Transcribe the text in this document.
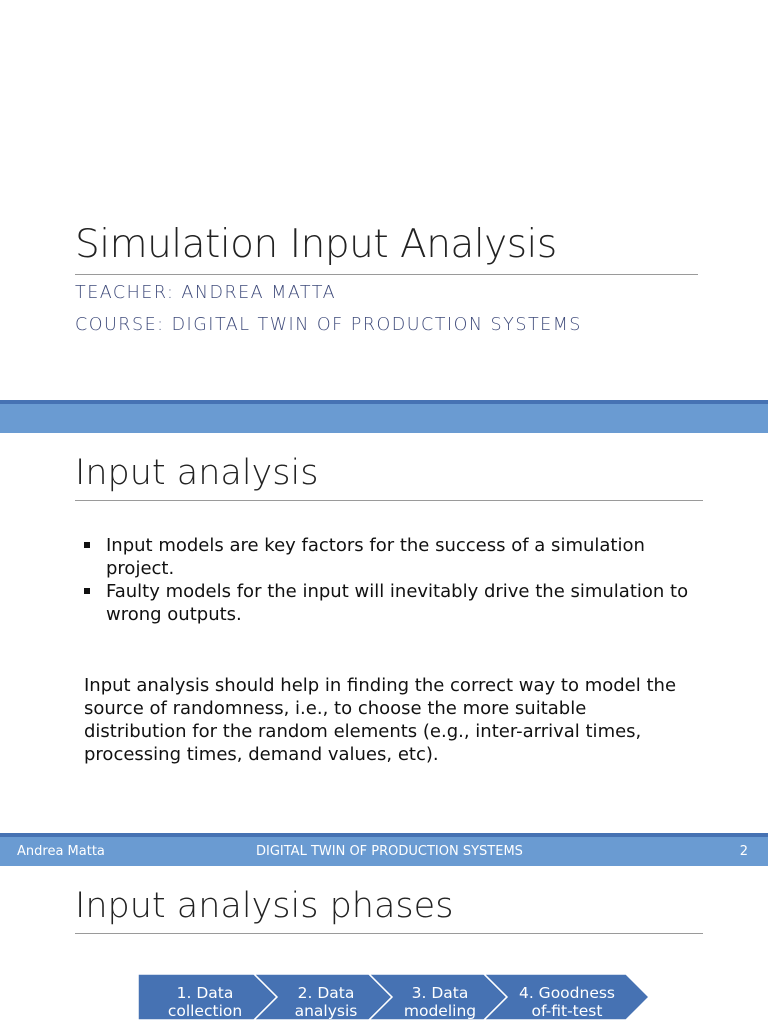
Simulation Input Analysis
TEACHER: ANDREA MATTA
COURSE: DIGITAL TWIN OF PRODUCTION SYSTEMS
Input analysis
Input models are key factors for the success of a simulation project.
Faulty models for the input will inevitably drive the simulation to wrong outputs.
Input analysis should help in finding the correct way to model the source of randomness, i.e., to choose the more suitable distribution for the random elements (e.g., inter-arrival times, processing times, demand values, etc).
Andrea Matta	DIGITAL TWIN OF PRODUCTION SYSTEMS	2
Input analysis phases
1. Data
collection
2. Data
analysis
3. Data
modeling
4. Goodness
of-fit-test
